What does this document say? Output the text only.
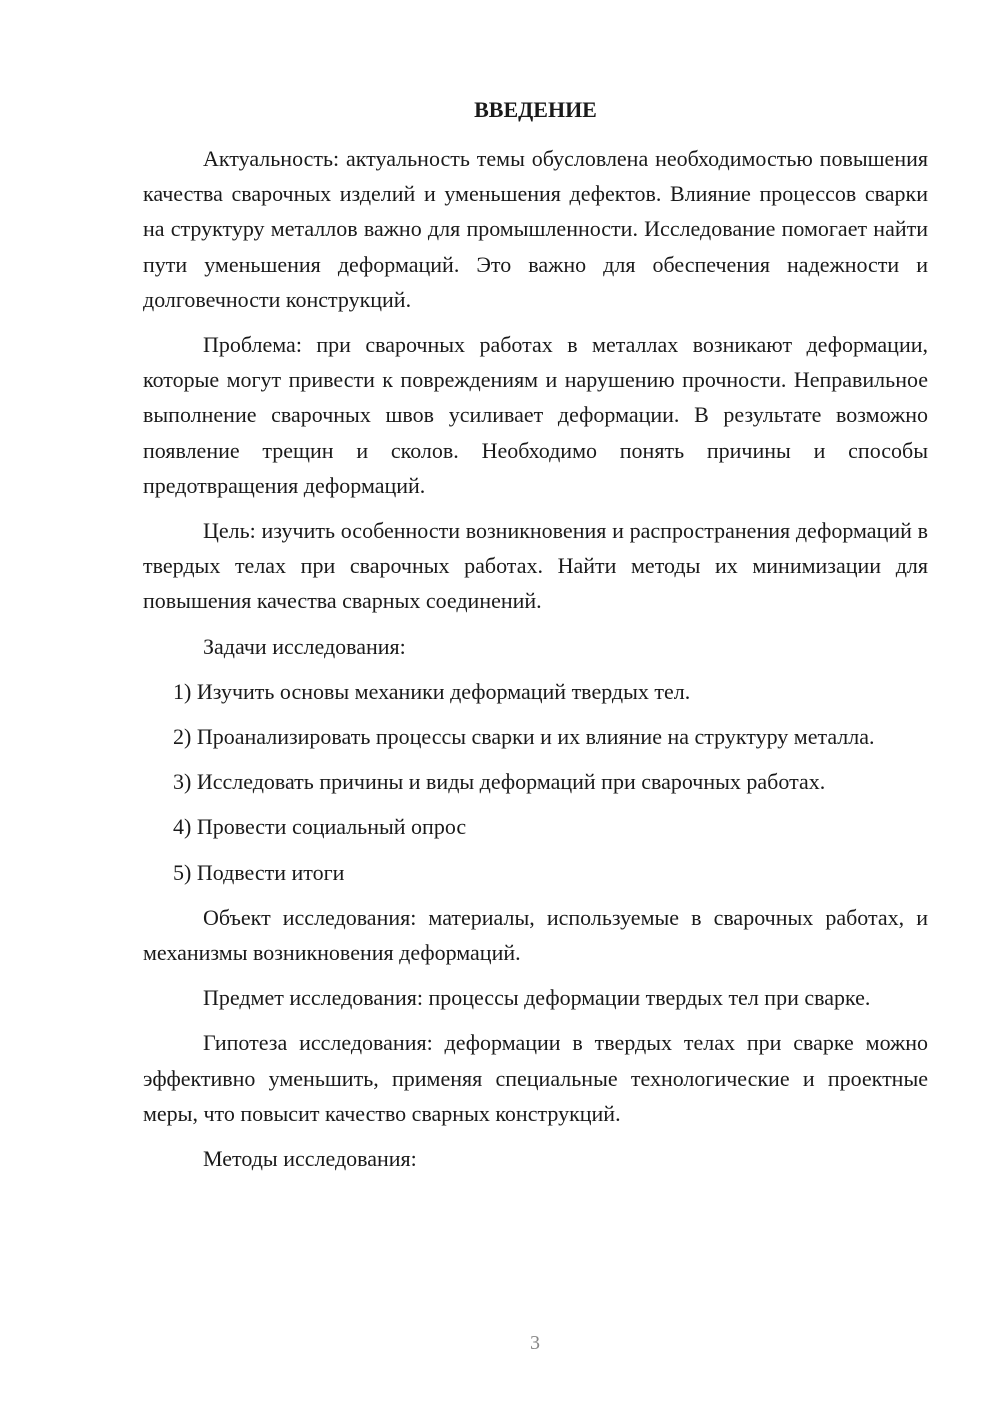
ВВЕДЕНИЕ

Актуальность: актуальность темы обусловлена необходимостью повышения качества сварочных изделий и уменьшения дефектов. Влияние процессов сварки на структуру металлов важно для промышленности. Исследование помогает найти пути уменьшения деформаций. Это важно для обеспечения надежности и долговечности конструкций.

Проблема: при сварочных работах в металлах возникают деформации, которые могут привести к повреждениям и нарушению прочности. Неправильное выполнение сварочных швов усиливает деформации. В результате возможно появление трещин и сколов. Необходимо понять причины и способы предотвращения деформаций.

Цель: изучить особенности возникновения и распространения деформаций в твердых телах при сварочных работах. Найти методы их минимизации для повышения качества сварных соединений.

Задачи исследования:

1) Изучить основы механики деформаций твердых тел.

2) Проанализировать процессы сварки и их влияние на структуру металла.

3) Исследовать причины и виды деформаций при сварочных работах.

4) Провести социальный опрос

5) Подвести итоги

Объект исследования: материалы, используемые в сварочных работах, и механизмы возникновения деформаций.

Предмет исследования: процессы деформации твердых тел при сварке.

Гипотеза исследования: деформации в твердых телах при сварке можно эффективно уменьшить, применяя специальные технологические и проектные меры, что повысит качество сварных конструкций.

Методы исследования:

3
